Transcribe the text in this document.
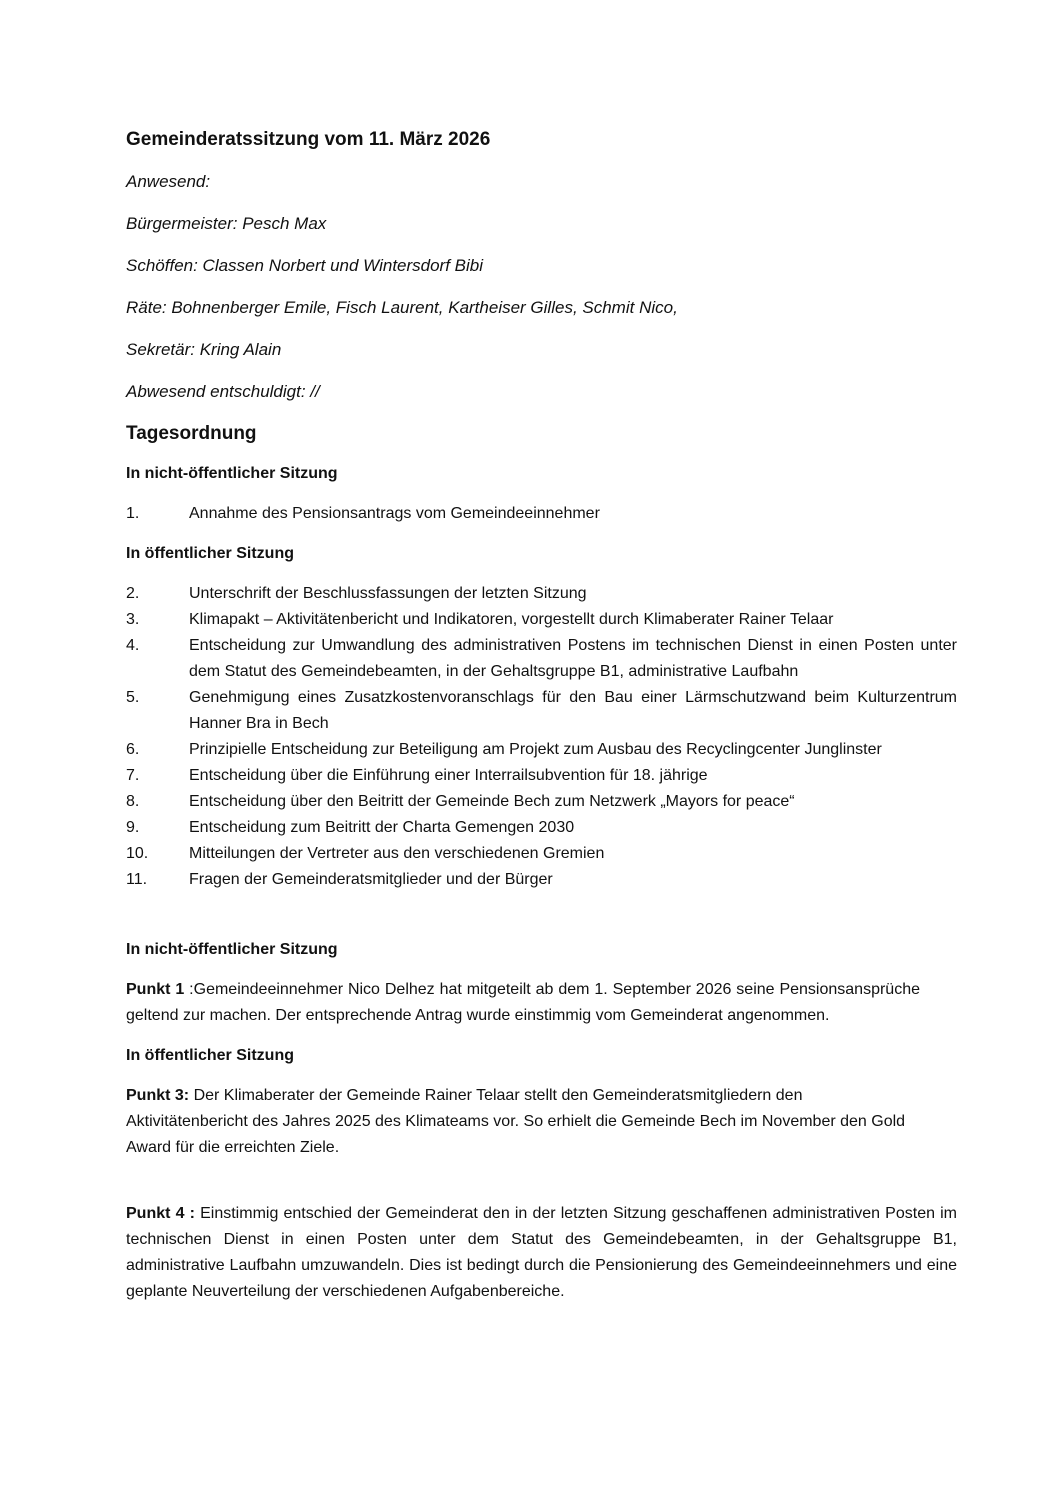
Gemeinderatssitzung vom 11. März 2026
Anwesend:
Bürgermeister: Pesch Max
Schöffen: Classen Norbert und Wintersdorf Bibi
Räte: Bohnenberger Emile, Fisch Laurent, Kartheiser Gilles, Schmit Nico,
Sekretär: Kring Alain
Abwesend entschuldigt: //
Tagesordnung
In nicht-öffentlicher Sitzung
1.	Annahme des Pensionsantrags vom Gemeindeeinnehmer
In öffentlicher Sitzung
2.	Unterschrift der Beschlussfassungen der letzten Sitzung
3.	Klimapakt – Aktivitätenbericht und Indikatoren, vorgestellt durch Klimaberater Rainer Telaar
4.	Entscheidung zur Umwandlung des administrativen Postens im technischen Dienst in einen Posten unter dem Statut des Gemeindebeamten, in der Gehaltsgruppe B1, administrative Laufbahn
5.	Genehmigung eines Zusatzkostenvoranschlags für den Bau einer Lärmschutzwand beim Kulturzentrum Hanner Bra in Bech
6.	Prinzipielle Entscheidung zur Beteiligung am Projekt zum Ausbau des Recyclingcenter Junglinster
7.	Entscheidung über die Einführung einer Interrailsubvention für 18. jährige
8.	Entscheidung über den Beitritt der Gemeinde Bech zum Netzwerk „Mayors for peace“
9.	Entscheidung zum Beitritt der Charta Gemengen 2030
10.	Mitteilungen der Vertreter aus den verschiedenen Gremien
11.	Fragen der Gemeinderatsmitglieder und der Bürger
In nicht-öffentlicher Sitzung

Punkt 1 :Gemeindeeinnehmer Nico Delhez hat mitgeteilt ab dem 1. September 2026 seine Pensionsansprüche geltend zur machen. Der entsprechende Antrag wurde einstimmig vom Gemeinderat angenommen.

In öffentlicher Sitzung

Punkt 3: Der Klimaberater der Gemeinde Rainer Telaar stellt den Gemeinderatsmitgliedern den Aktivitätenbericht des Jahres 2025 des Klimateams vor. So erhielt die Gemeinde Bech im November den Gold Award für die erreichten Ziele.

Punkt 4 : Einstimmig entschied der Gemeinderat den in der letzten Sitzung geschaffenen administrativen Posten im technischen Dienst in einen Posten unter dem Statut des Gemeindebeamten, in der Gehaltsgruppe B1, administrative Laufbahn umzuwandeln. Dies ist bedingt durch die Pensionierung des Gemeindeeinnehmers und eine geplante Neuverteilung der verschiedenen Aufgabenbereiche.
